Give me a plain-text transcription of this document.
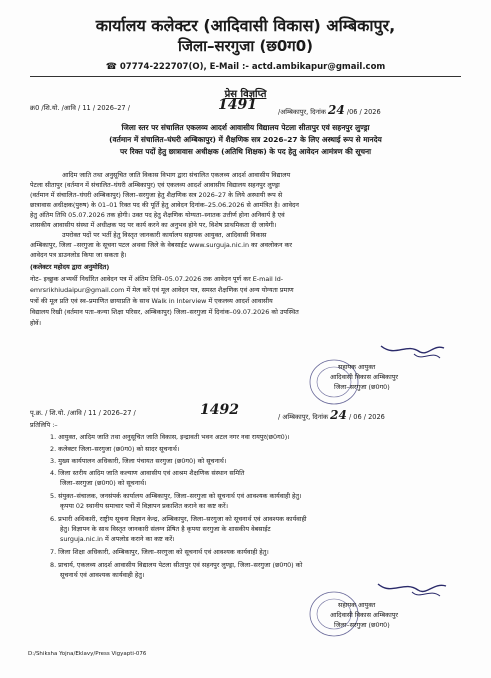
कार्यालय कलेक्टर (आदिवासी विकास) अम्बिकापुर,
जिला–सरगुजा (छ0ग0)
☎ 07774-222707(O), E-Mail :- actd.ambikapur@gmail.com
प्रेस विज्ञप्ति
क्र0 /शि.यो. /आवि / 11 / 2026–27 /	1491	/अम्बिकापुर, दिनांक 24 /06 / 2026
जिला स्तर पर संचालित एकलव्य आदर्श आवासीय विद्यालय पेटला सीतापुर एवं सहनपुर लुण्ड्रा
(वर्तमान में संचालित–घंघरी अम्बिकापुर) में शैक्षणिक सत्र 2026–27 के लिए अस्थाई रूप से मानदेय
पर रिक्त पदों हेतु छात्रावास अधीक्षक (अतिथि शिक्षक) के पद हेतु आवेदन आमंत्रण की सूचना
आदिम जाति तथा अनुसूचित जाति विकास विभाग द्वारा संचालित एकलव्य आदर्श आवासीय विद्यालय
पेटला सीतापुर (वर्तमान में संचालित–घंघरी अम्बिकापुर) एवं एकलव्य आदर्श आवासीय विद्यालय सहनपुर लुण्ड्रा
(वर्तमान में संचालित–घंघरी अम्बिकापुर) जिला–सरगुजा हेतु शैक्षणिक सत्र 2026–27 के लिये अस्थायी रूप से
छात्रावास अधीक्षक(पुरुष) के 01–01 रिक्त पद की पूर्ति हेतु आवेदन दिनांक–25.06.2026 से आमंत्रित है। आवेदन
हेतु अंतिम तिथि 05.07.2026 तक होगी। उक्त पद हेतु शैक्षणिक योग्यता–स्नातक उत्तीर्ण होना अनिवार्य है एवं
शासकीय आवासीय संस्था में अधीक्षक पद पर कार्य करने का अनुभव होने पर, विशेष प्राथमिकता दी जायेगी।
उपरोक्त पदों पर भर्ती हेतु विस्तृत जानकारी कार्यालय सहायक आयुक्त, आदिवासी विकास
अम्बिकापुर, जिला –सरगुजा के सूचना पटल अथवा जिले के वेबसाईट www.surguja.nic.in का अवलोकन कर
आवेदन पत्र डाउनलोड किया जा सकता है।
(कलेक्टर महोदय द्वारा अनुमोदित)
नोट– इच्छुक अभ्यर्थी निर्धारित आवेदन पत्र में अंतिम तिथि–05.07.2026 तक आवेदन पूर्ण कर E-mail Id-
emrsrikhiudaipur@gmail.com में मेल करें एवं मूल आवेदन पत्र, समस्त शैक्षणिक एवं अन्य योग्यता प्रमाण
पत्रों की मूल प्रति एवं स्व–प्रमाणित छायाप्रति के साथ Walk in Interview में एकलव्य आदर्श आवासीय
विद्यालय रिखी (वर्तमान पता–कन्या शिक्षा परिसर, अम्बिकापुर) जिला–सरगुजा में दिनांक–09.07.2026 को उपस्थित
होवें।
सहायक आयुक्त
आदिवासी विकास अम्बिकापुर
जिला–सरगुजा (छ0ग0)
पृ.क्र. / शि.यो. /आवि / 11 / 2026–27 /	1492	/ अम्बिकापुर, दिनांक 24 / 06 / 2026
प्रतिलिपि :–
1. आयुक्त, आदिम जाति तथा अनुसूचित जाति विकास, इन्द्रावती भवन अटल नगर नवा रायपुर(छ0ग0)।
2. कलेक्टर जिला–सरगुजा (छ0ग0) को सादर सूचनार्थ।
3. मुख्य कार्यपालन अधिकारी, जिला पंचायत सरगुजा (छ0ग0) को सूचनार्थ।
4. जिला स्तरीय आदिम जाति कल्याण आवासीय एवं आश्रम शैक्षणिक संस्थान समिति
जिला–सरगुजा (छ0ग0) को सूचनार्थ।
5. संयुक्त–संचालक, जनसंपर्क कार्यालय अम्बिकापुर, जिला–सरगुजा को सूचनार्थ एवं आवश्यक कार्यवाही हेतु।
कृपया 02 स्थानीय समाचार पत्रों में विज्ञापन प्रकाशित कराने का कष्ट करें।
6. प्रभारी अधिकारी, राष्ट्रीय सूचना विज्ञान केन्द्र, अम्बिकापुर, जिला–सरगुजा को सूचनार्थ एवं आवश्यक कार्यवाही
हेतु। विज्ञापन के साथ विस्तृत जानकारी संलग्न प्रेषित है कृपया सरगुजा के शासकीय वेबसाईट
surguja.nic.in में अपलोड कराने का कष्ट करें।
7. जिला शिक्षा अधिकारी, अम्बिकापुर, जिला–सरगुजा को सूचनार्थ एवं आवश्यक कार्यवाही हेतु।
8. प्राचार्य, एकलव्य आदर्श आवासीय विद्यालय पेटला सीतापुर एवं सहनपुर लुण्ड्रा, जिला–सरगुजा (छ0ग0) को
सूचनार्थ एवं आवश्यक कार्यवाही हेतु।
सहायक आयुक्त
आदिवासी विकास अम्बिकापुर
जिला–सरगुजा (छ0ग0)
D:/Shiksha Yojna/Eklavy/Press Vigyapti-076
